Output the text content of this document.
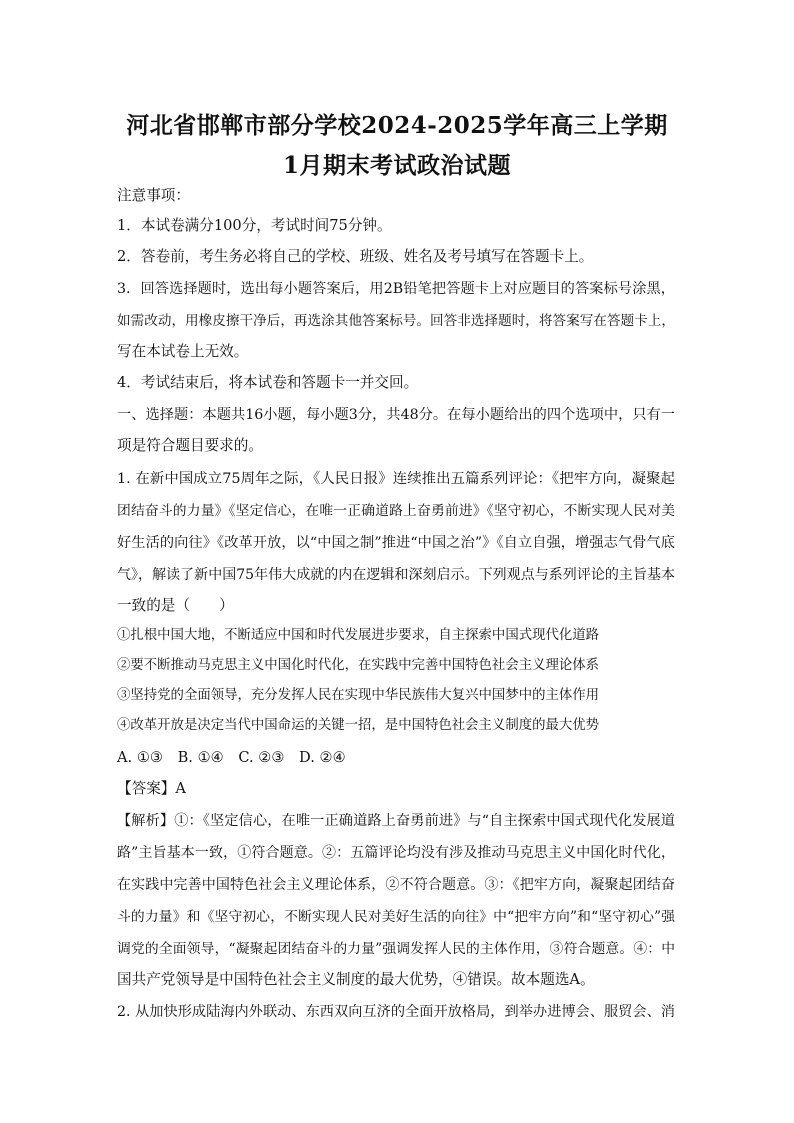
河北省邯郸市部分学校2024-2025学年高三上学期
1月期末考试政治试题
注意事项：
1．本试卷满分100分，考试时间75分钟。
2．答卷前，考生务必将自己的学校、班级、姓名及考号填写在答题卡上。
3．回答选择题时，选出每小题答案后，用2B铅笔把答题卡上对应题目的答案标号涂黑，
如需改动，用橡皮擦干净后，再选涂其他答案标号。回答非选择题时，将答案写在答题卡上，
写在本试卷上无效。
4．考试结束后，将本试卷和答题卡一并交回。
一、选择题：本题共16小题，每小题3分，共48分。在每小题给出的四个选项中，只有一
项是符合题目要求的。
1. 在新中国成立75周年之际，《人民日报》连续推出五篇系列评论：《把牢方向，凝聚起
团结奋斗的力量》《坚定信心，在唯一正确道路上奋勇前进》《坚守初心，不断实现人民对美
好生活的向往》《改革开放，以“中国之制”推进“中国之治”》《自立自强，增强志气骨气底
气》，解读了新中国75年伟大成就的内在逻辑和深刻启示。下列观点与系列评论的主旨基本
一致的是（　　）
①扎根中国大地，不断适应中国和时代发展进步要求，自主探索中国式现代化道路
②要不断推动马克思主义中国化时代化，在实践中完善中国特色社会主义理论体系
③坚持党的全面领导，充分发挥人民在实现中华民族伟大复兴中国梦中的主体作用
④改革开放是决定当代中国命运的关键一招，是中国特色社会主义制度的最大优势
A. ①③　B. ①④　C. ②③　D. ②④
【答案】A
【解析】①：《坚定信心，在唯一正确道路上奋勇前进》与“自主探索中国式现代化发展道
路”主旨基本一致，①符合题意。②：五篇评论均没有涉及推动马克思主义中国化时代化，
在实践中完善中国特色社会主义理论体系，②不符合题意。③：《把牢方向，凝聚起团结奋
斗的力量》和《坚守初心，不断实现人民对美好生活的向往》中“把牢方向”和“坚守初心”强
调党的全面领导，“凝聚起团结奋斗的力量”强调发挥人民的主体作用，③符合题意。④：中
国共产党领导是中国特色社会主义制度的最大优势，④错误。故本题选A。
2. 从加快形成陆海内外联动、东西双向互济的全面开放格局，到举办进博会、服贸会、消
